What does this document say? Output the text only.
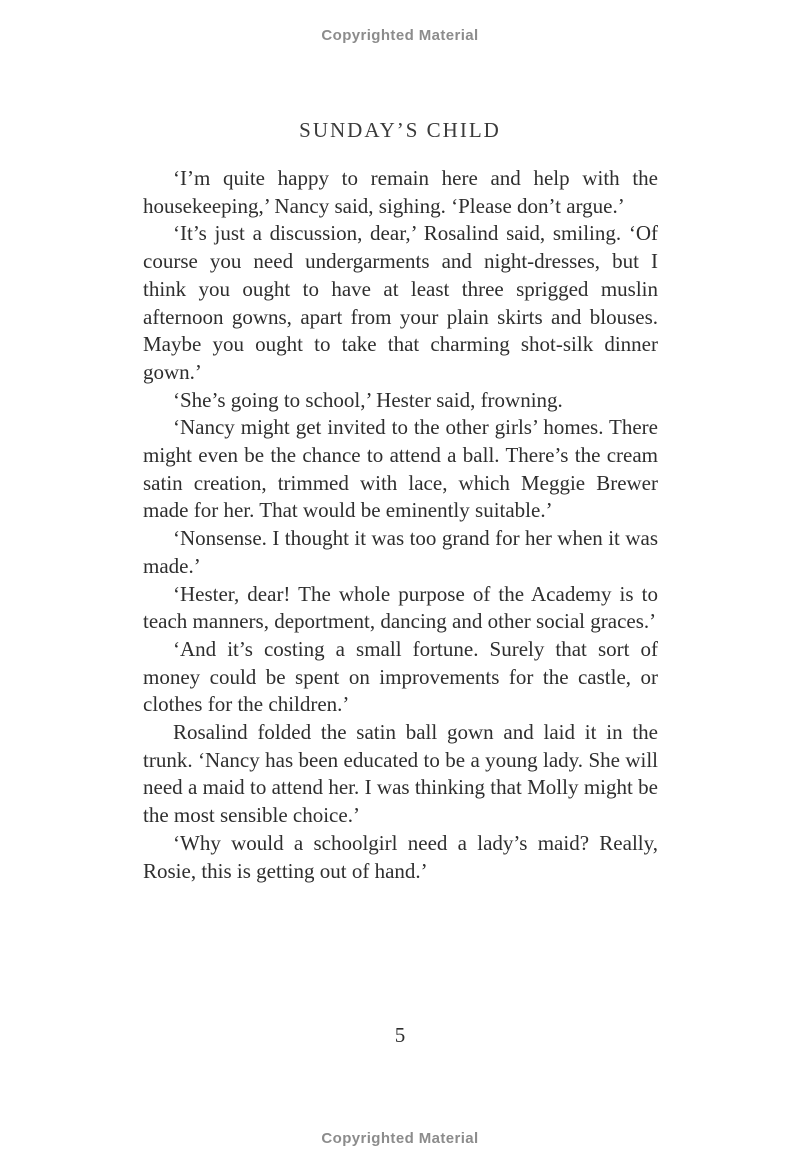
Copyrighted Material
SUNDAY’S CHILD

‘I’m quite happy to remain here and help with the housekeeping,’ Nancy said, sighing. ‘Please don’t argue.’

‘It’s just a discussion, dear,’ Rosalind said, smiling. ‘Of course you need undergarments and night-dresses, but I think you ought to have at least three sprigged muslin afternoon gowns, apart from your plain skirts and blouses. Maybe you ought to take that charming shot-silk dinner gown.’

‘She’s going to school,’ Hester said, frowning.

‘Nancy might get invited to the other girls’ homes. There might even be the chance to attend a ball. There’s the cream satin creation, trimmed with lace, which Meggie Brewer made for her. That would be eminently suitable.’

‘Nonsense. I thought it was too grand for her when it was made.’

‘Hester, dear! The whole purpose of the Academy is to teach manners, deportment, dancing and other social graces.’

‘And it’s costing a small fortune. Surely that sort of money could be spent on improvements for the castle, or clothes for the children.’

Rosalind folded the satin ball gown and laid it in the trunk. ‘Nancy has been educated to be a young lady. She will need a maid to attend her. I was thinking that Molly might be the most sensible choice.’

‘Why would a schoolgirl need a lady’s maid? Really, Rosie, this is getting out of hand.’

5
Copyrighted Material
